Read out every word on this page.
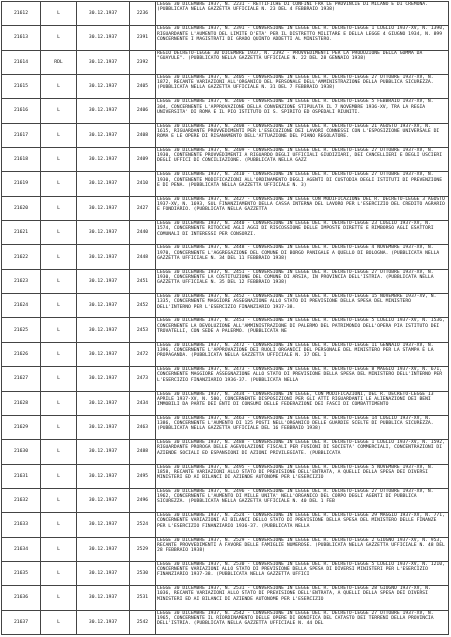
21612	L	30.12.1937	2236	LEGGE 30 DICEMBRE 1937, N. 2231 - RETTIFICHE DI CONFINI FRA LE PROVINCIE DI MILANO E DI CREMONA. (PUBBLICATA NELLA GAZZETTA UFFICIALE N. 23 DEL 4 FEBBRAIO 1938)

21613	L	30.12.1937	2391	LEGGE 30 DICEMBRE 1937, N. 2391 - CONVERSIONE IN LEGGE DEL R. DECRETO-LEGGE 1 LUGLIO 1937-XV, N. 1390, RIGUARDANTE L'AUMENTO DEL LIMITE D'ETA' PER IL DISTRETTO MILITARE E DELLA LEGGE 4 GIUGNO 1934, N. 899 CONCERNENTE I MAGISTRATI DI GRADO QUINTO ADDETTI AL MINISTERO.

21614	RDL	30.12.1937	2392	REGIO DECRETO-LEGGE 30 DICEMBRE 1937, N. 2392 - PROVVEDIMENTI PER LA PRODUZIONE DELLA GOMMA DA "GUAYULE". (PUBBLICATO NELLA GAZZETTA UFFICIALE N. 22 DEL 28 GENNAIO 1938)

21615	L	30.12.1937	2405	LEGGE 30 DICEMBRE 1937, N. 2405 - CONVERSIONE IN LEGGE DEL R. DECRETO-LEGGE 27 OTTOBRE 1937-XV, N. 1872, RECANTE VARIAZIONI ALL'ORGANICO DEL PERSONALE DELL'AMMINISTRAZIONE DELLA PUBBLICA SICUREZZA. (PUBBLICATA NELLA GAZZETTA UFFICIALE N. 31 DEL 7 FEBBRAIO 1938)

21616	L	30.12.1937	2406	LEGGE 30 DICEMBRE 1937, N. 2406 - CONVERSIONE IN LEGGE DEL R. DECRETO-LEGGE 5 FEBBRAIO 1937-XV, N. 304, CONCERNENTE L'APPROVAZIONE DELLA CONVENZIONE STIPULATA IL 7 NOVEMBRE 1936-XV, TRA LA REGIA UNIVERSITA' DI ROMA E IL PIO ISTITUTO DI S. SPIRITO ED OSPEDALI RIUNITI.

21617	L	30.12.1937	2408	LEGGE 30 DICEMBRE 1937, N. 2408 - CONVERSIONE IN LEGGE DEL R. DECRETO-LEGGE 21 AGOSTO 1937-XV, N. 1615, RIGUARDANTE PROVVEDIMENTI PER L'ESECUZIONE DEI LAVORI CONNESSI CON L'ESPOSIZIONE UNIVERSALE DI ROMA E LE OPERE DI RISANAMENTO DELL'ATTUAZIONE DEL PIANO REGOLATORE.

21618	L	30.12.1937	2409	LEGGE 30 DICEMBRE 1937, N. 2409 - CONVERSIONE IN LEGGE DEL R. DECRETO-LEGGE 27 OTTOBRE 1937-XV, N. 1930, CONTENENTE PROVVEDIMENTI A RIGUARDO DEGLI UFFICIALI GIUDIZIARI, DEI CANCELLIERI E DEGLI USCIERI DEGLI UFFICI DI CONCILIAZIONE. (PUBBLICATA NELLA GAZZ

21619	L	30.12.1937	2410	LEGGE 30 DICEMBRE 1937, N. 2410 - CONVERSIONE IN LEGGE DEL R. DECRETO-LEGGE 27 OTTOBRE 1937-XV, N. 1930, CONTENENTE MODIFICAZIONI ALL'ORDINAMENTO DEGLI AGENTI DI CUSTODIA DEGLI ISTITUTI DI PREVENZIONE E DI PENA. (PUBBLICATA NELLA GAZZETTA UFFICIALE N. 3)

21620	L	30.12.1937	2427	LEGGE 30 DICEMBRE 1937, N. 2427 - CONVERSIONE IN LEGGE CON MODIFICAZIONE DEL R. DECRETO-LEGGE 3 AGOSTO 1937-XV, N. 1693, SUL FINANZIAMENTO DELLA CASSA INTERNA DEL LAVORO PER L'ESERCIZIO DEL CREDITO AGRARIO E FONDIARIO. (PUBBLICATA NELLA GAZZETTA

21621	L	30.12.1937	2440	LEGGE 30 DICEMBRE 1937, N. 2440 - CONVERSIONE IN LEGGE DEL R. DECRETO-LEGGE 23 LUGLIO 1937-XV, N. 1574, CONCERNENTE RITOCCHI AGLI AGGI DI RISCOSSIONE DELLE IMPOSTE DIRETTE E RIMBORSO AGLI ESATTORI COMUNALI DI INTERESSI PER CONSORZI.

21622	L	30.12.1937	2448	LEGGE 30 DICEMBRE 1937, N. 2448 - CONVERSIONE IN LEGGE DEL R. DECRETO-LEGGE 4 NOVEMBRE 1937-XV, N. 1970, CONCERNENTE L'AGGREGAZIONE DEL COMUNE DI BORGO PANIGALE A QUELLO DI BOLOGNA. (PUBBLICATA NELLA GAZZETTA UFFICIALE N. 34 DEL 11 FEBBRAIO 1938)

21623	L	30.12.1937	2451	LEGGE 30 DICEMBRE 1937, N. 2451 - CONVERSIONE IN LEGGE DEL R. DECRETO-LEGGE 27 OTTOBRE 1937-XV, N. 1930, CONCERNENTE LA COSTITUZIONE DEL COMUNE DI ARSIA, IN PROVINCIA DELL'ISTRIA. (PUBBLICATA NELLA GAZZETTA UFFICIALE N. 35 DEL 12 FEBBRAIO 1938)

21624	L	30.12.1937	2452	LEGGE 30 DICEMBRE 1937, N. 2452 - CONVERSIONE IN LEGGE DEL R. DECRETO-LEGGE 15 NOVEMBRE 1937-XV, N. 1335, CONCERNENTE MAGGIORE ASSEGNAZIONE ALLO STATO DI PREVISIONE DELLA SPESA DEL MINISTERO DELL'INTERNO PER L'ESERCIZIO FINANZIARIO 1937-38.

21625	L	30.12.1937	2453	LEGGE 30 DICEMBRE 1937, N. 2453 - CONVERSIONE IN LEGGE DEL R. DECRETO-LEGGE 5 LUGLIO 1937-XV, N. 1536, CONCERNENTE LA DEVOLUZIONE ALL'AMMINISTRAZIONE DI PALERMO DEL PATRIMONIO DELL'OPERA PIA ISTITUTO DEI TROVATELLI, CON SEDE A PALERMO. (PUBBLICATA NE

21626	L	30.12.1937	2472	LEGGE 30 DICEMBRE 1937, N. 2472 - CONVERSIONE IN LEGGE DEL R. DECRETO-LEGGE 11 GENNAIO 1937-XV, N. 1396, CONCERNENTE L'APPROVAZIONE DEI RUOLI ORGANICI DEL PERSONALE DEL MINISTERO PER LA STAMPA E LA PROPAGANDA. (PUBBLICATA NELLA GAZZETTA UFFICIALE N. 37 DEL 1

21627	L	30.12.1937	2473	LEGGE 30 DICEMBRE 1937, N. 2473 - CONVERSIONE IN LEGGE DEL R. DECRETO-LEGGE 8 MAGGIO 1937-XV, N. 671, CONCERNENTE MAGGIORE ASSEGNAZIONE ALLO STATO DI PREVISIONE DELLA SPESA DEL MINISTERO DELL'INTERNO PER L'ESERCIZIO FINANZIARIO 1936-37. (PUBBLICATA NELLA

21628	L	30.12.1937	2434	LEGGE 30 DICEMBRE 1937, N. 2434 - CONVERSIONE IN LEGGE, CON MODIFICAZIONI, DEL R. DECRETO-LEGGE 13 APRILE 1937-XV, N. 580, CONCERNENTE DISPOSIZIONI PER GLI ATTI RIGUARDANTI LE ALIENAZIONI DEI BENI IMMOBILI DA PARTE DEI ENTI DI CONSUMI DELLE FEDERAZIONI DEI FASCI DI COMBATTIMENTO

21629	L	30.12.1937	2463	LEGGE 30 DICEMBRE 1937, N. 2463 - CONVERSIONE IN LEGGE DEL R. DECRETO-LEGGE 14 LUGLIO 1937-XV, N. 1386, CONCERNENTE L'AUMENTO DI 125 POSTI NELL'ORGANICO DELLE GUARDIE SCELTE DI PUBBLICA SICUREZZA. (PUBBLICATA NELLA GAZZETTA UFFICIALE DEL 16 FEBBRAIO 1938)

21630	L	30.12.1937	2488	LEGGE 30 DICEMBRE 1937, N. 2488 - CONVERSIONE IN LEGGE DEL R. DECRETO-LEGGE 1 LUGLIO 1937-XV, N. 1592, RIGUARDANTE PROROGA DELLE AGEVOLAZIONI FISCALI PER FUSIONI DI SOCIETA' COMMERCIALI, CONCENTRAZIONI DI AZIENDE SOCIALI ED ESPANSIONI DI AZIONI PRIVILEGIATE. (PUBBLICATA

21631	L	30.12.1937	2495	LEGGE 30 DICEMBRE 1937, N. 2495 - CONVERSIONE IN LEGGE DEL R. DECRETO-LEGGE 5 NOVEMBRE 1937-XV, N. 1858, RECANTE VARIAZIONI ALLO STATO DI PREVISIONE DELL'ENTRATA, A QUELLI DELLA SPESA DEI DIVERSI MINISTERI ED AI BILANCI DI AZIENDE AUTONOME PER L'ESERCIZIO

21632	L	30.12.1937	2496	LEGGE 30 DICEMBRE 1937, N. 2496 - CONVERSIONE IN LEGGE DEL R. DECRETO-LEGGE 27 OTTOBRE 1937-XV, N. 1962, CONCERNENTE L'AUMENTO DI MILLE UNITA' NELL'ORGANICO DEL CORPO DEGLI AGENTI DI PUBBLICA SICUREZZA. (PUBBLICATA NELLA GAZZETTA UFFICIALE N. 40 DEL 1 FEB

21633	L	30.12.1937	2524	LEGGE 30 DICEMBRE 1937, N. 2524 - CONVERSIONE IN LEGGE DEL R. DECRETO-LEGGE 29 MAGGIO 1937-XV, N. 771, CONCERNENTE VARIAZIONI AI BILANCI DELLO STATO DI PREVISIONE DELLA SPESA DEL MINISTERO DELLE FINANZE PER L'ESERCIZIO FINANZIARIO 1936-37. (PUBBLICATA NELLA

21634	L	30.12.1937	2529	LEGGE 30 DICEMBRE 1937, N. 2529 - CONVERSIONE IN LEGGE DEL R. DECRETO-LEGGE 2 GIUGNO 1937-XV, N. 953, RECANTE PROVVEDIMENTI A FAVORE DELLE FAMIGLIE NUMEROSE. (PUBBLICATA NELLA GAZZETTA UFFICIALE N. 48 DEL 28 FEBBRAIO 1938)

21635	L	30.12.1937	2530	LEGGE 30 DICEMBRE 1937, N. 2530 - CONVERSIONE IN LEGGE DEL R. DECRETO-LEGGE 5 LUGLIO 1937-XV, N. 1210, CONCERNENTE VARIAZIONI ALLO STATO DI PREVISIONE DELLA SPESA DI DIVERSI MINISTERI PER L'ESERCIZIO FINANZIARIO 1937-38. (PUBBLICATA NELLA GAZZETTA UFFICI

21636	L	30.12.1937	2531	LEGGE 30 DICEMBRE 1937, N. 2531 - CONVERSIONE IN LEGGE DEL R. DECRETO-LEGGE 28 GIUGNO 1937-XV, N. 1036, RECANTE VARIAZIONI ALLO STATO DI PREVISIONE DELL'ENTRATA, A QUELLI DELLA SPESA DEI DIVERSI MINISTERI ED AI BILANCI DI AZIENDE AUTONOME PER L'ESERCIZIO

21637	L	30.12.1937	2542	LEGGE 30 DICEMBRE 1937, N. 2542 - CONVERSIONE IN LEGGE DEL R. DECRETO-LEGGE 27 OTTOBRE 1937-XV, N. 1965, CONCERNENTE IL RIORDINAMENTO DELLE OPERE DI BONIFICA DEL CATASTO DEI TERRENI DELLA PROVINCIA DELL'ISTRIA. (PUBBLICATA NELLA GAZZETTA UFFICIALE N. 44 DEL
